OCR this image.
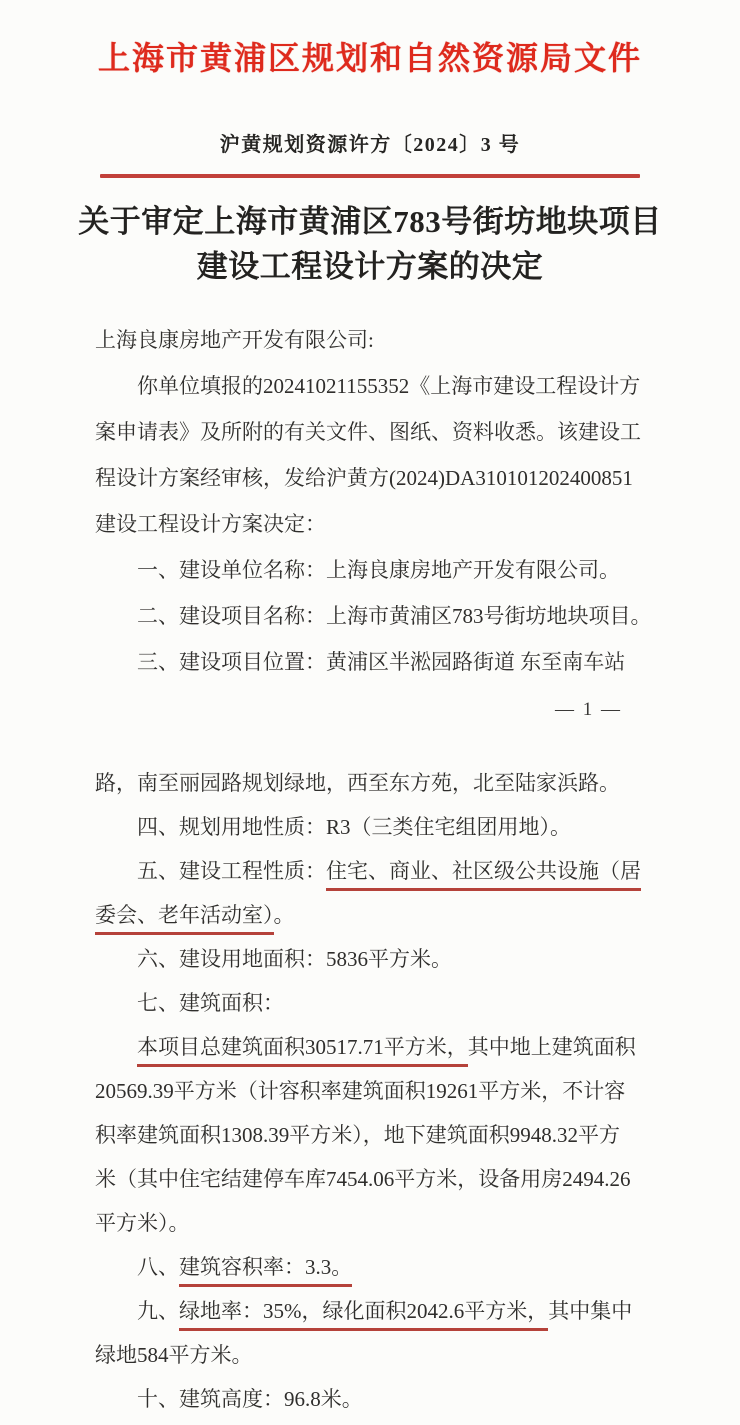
上海市黄浦区规划和自然资源局文件
沪黄规划资源许方〔2024〕3 号
关于审定上海市黄浦区783号街坊地块项目
建设工程设计方案的决定

上海良康房地产开发有限公司:

你单位填报的20241021155352《上海市建设工程设计方

案申请表》及所附的有关文件、图纸、资料收悉。该建设工

程设计方案经审核，发给沪黄方(2024)DA310101202400851

建设工程设计方案决定：

一、建设单位名称：上海良康房地产开发有限公司。

二、建设项目名称：上海市黄浦区783号街坊地块项目。

三、建设项目位置：黄浦区半淞园路街道 东至南车站

— 1 —

路，南至丽园路规划绿地，西至东方苑，北至陆家浜路。

四、规划用地性质：R3（三类住宅组团用地）。

五、建设工程性质：住宅、商业、社区级公共设施（居

委会、老年活动室）。

六、建设用地面积：5836平方米。

七、建筑面积：

本项目总建筑面积30517.71平方米，其中地上建筑面积

20569.39平方米（计容积率建筑面积19261平方米，不计容

积率建筑面积1308.39平方米），地下建筑面积9948.32平方

米（其中住宅结建停车库7454.06平方米，设备用房2494.26

平方米）。

八、建筑容积率：3.3。

九、绿地率：35%，绿化面积2042.6平方米，其中集中

绿地584平方米。

十、建筑高度：96.8米。
